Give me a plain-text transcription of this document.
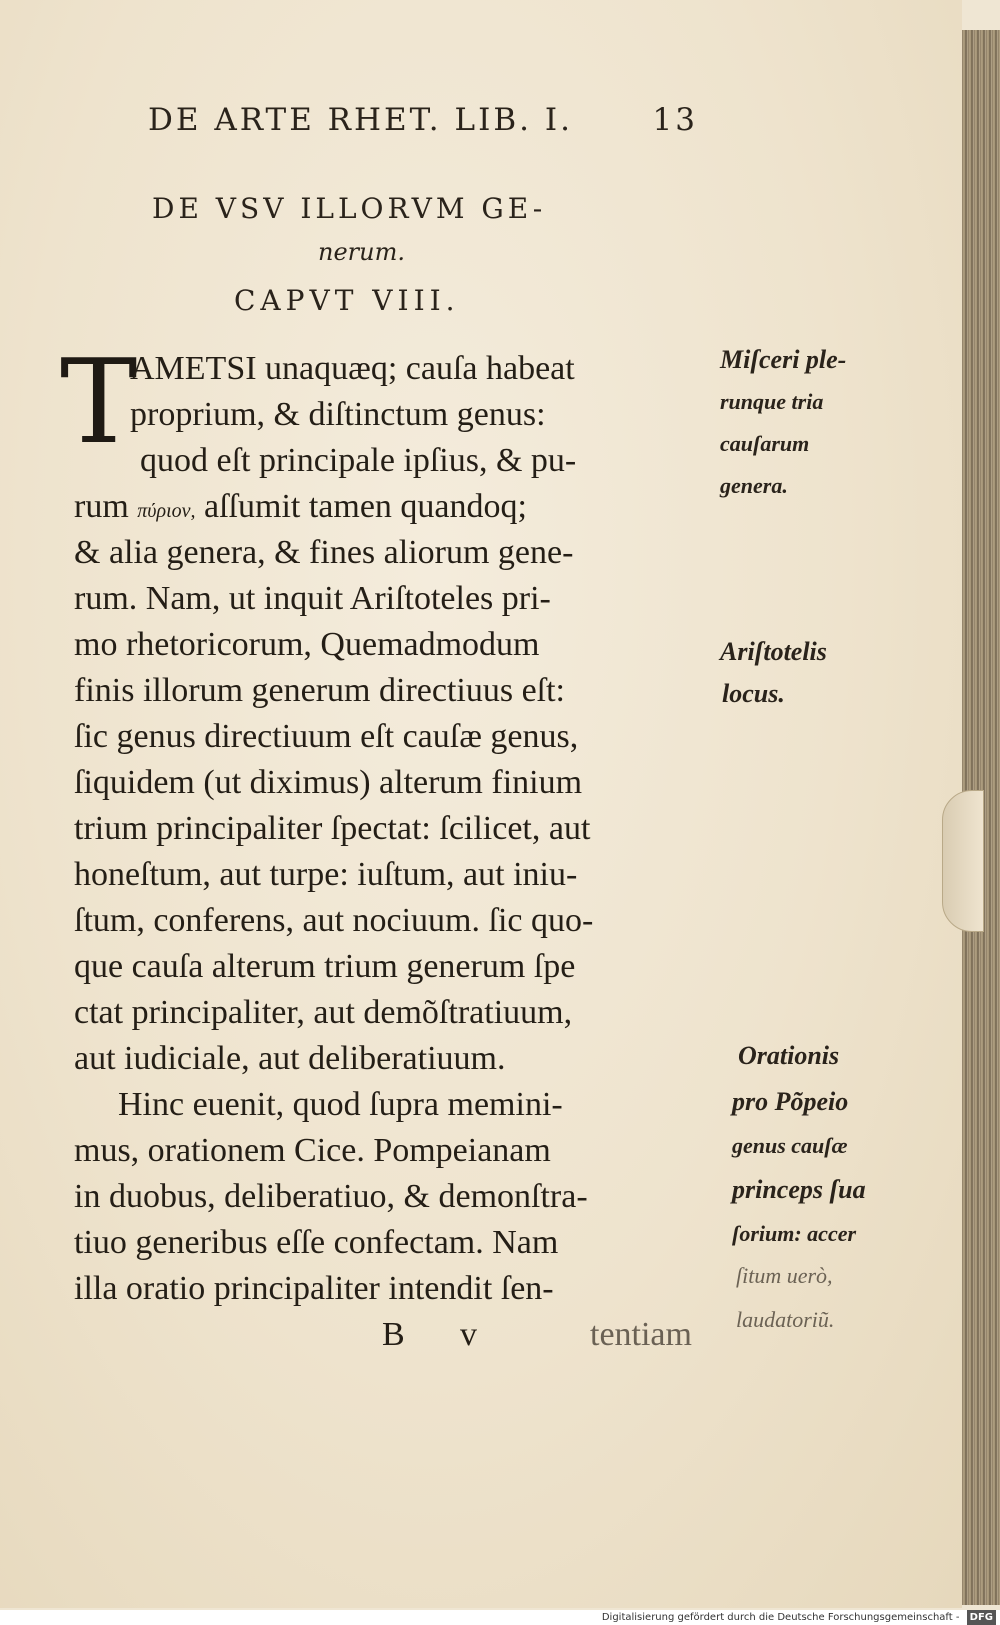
DE ARTE RHET. LIB. I.	13
DE VSV ILLORVM GE-
nerum.
CAPVT VIII.
T
AMETSI unaquæq; cauſa habeat
proprium, & diſtinctum genus:
quod eſt principale ipſius, & pu-
rum πύριον, aſſumit tamen quandoq;
& alia genera, & fines aliorum gene-
rum. Nam, ut inquit Ariſtoteles pri-
mo rhetoricorum, Quemadmodum
finis illorum generum directiuus eſt:
ſic genus directiuum eſt cauſæ genus,
ſiquidem (ut diximus) alterum finium
trium principaliter ſpectat: ſcilicet, aut
honeſtum, aut turpe: iuſtum, aut iniu-
ſtum, conferens, aut nociuum. ſic quo-
que cauſa alterum trium generum ſpe
ctat principaliter, aut demõſtratiuum,
aut iudiciale, aut deliberatiuum.
Hinc euenit, quod ſupra memini-
mus, orationem Cice. Pompeianam
in duobus, deliberatiuo, & demonſtra-
tiuo generibus eſſe confectam. Nam
illa oratio principaliter intendit ſen-
B v	tentiam
Miſceri ple-
runque tria
cauſarum
genera.
Ariſtotelis
locus.
Orationis
pro Põpeio
genus cauſæ
princeps ſua
ſorium: accer
ſitum uerò,
laudatoriũ.
Digitalisierung gefördert durch die Deutsche Forschungsgemeinschaft - DFG
